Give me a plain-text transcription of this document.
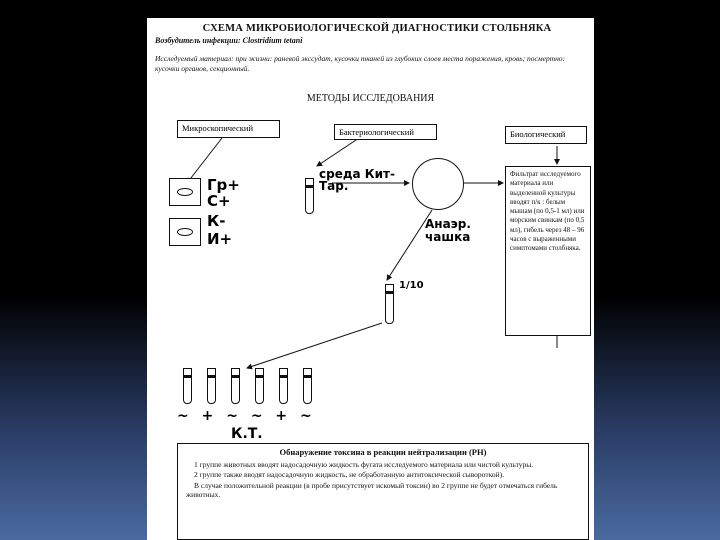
СХЕМА МИКРОБИОЛОГИЧЕСКОЙ ДИАГНОСТИКИ СТОЛБНЯКА
Возбудитель инфекции: Clostridium tetani
Исследуемый материал: при жизни: раневой экссудат, кусочки тканей из глубоких слоев места поражения, кровь; посмертно: кусочки органов, секционный.
МЕТОДЫ ИССЛЕДОВАНИЯ
Микроскопический	Бактериологический	Биологический
Гр+
С+
К-
И+
среда Кит-Тар.
Анаэр. чашка
Фильтрат исследуемого материала или выделенной культуры вводят п/к : белым мышам (по 0,5-1 мл) или морским свинкам (по 0,5 мл), гибель через 48 – 96 часов с выраженными симптомами столбняка.
1/10
~ + ~ ~ + ~
К.Т.
Обнаружение токсина в реакции нейтрализации (РН)

1 группе животных вводят надосадочную жидкость фугата исследуемого материала или чистой культуры.

2 группе также вводят надосадочную жидкость, не обработанную антитоксической сывороткой).

В случае положительной реакции (в пробе присутствует искомый токсин) во 2 группе не будет отмечаться гибель животных.
